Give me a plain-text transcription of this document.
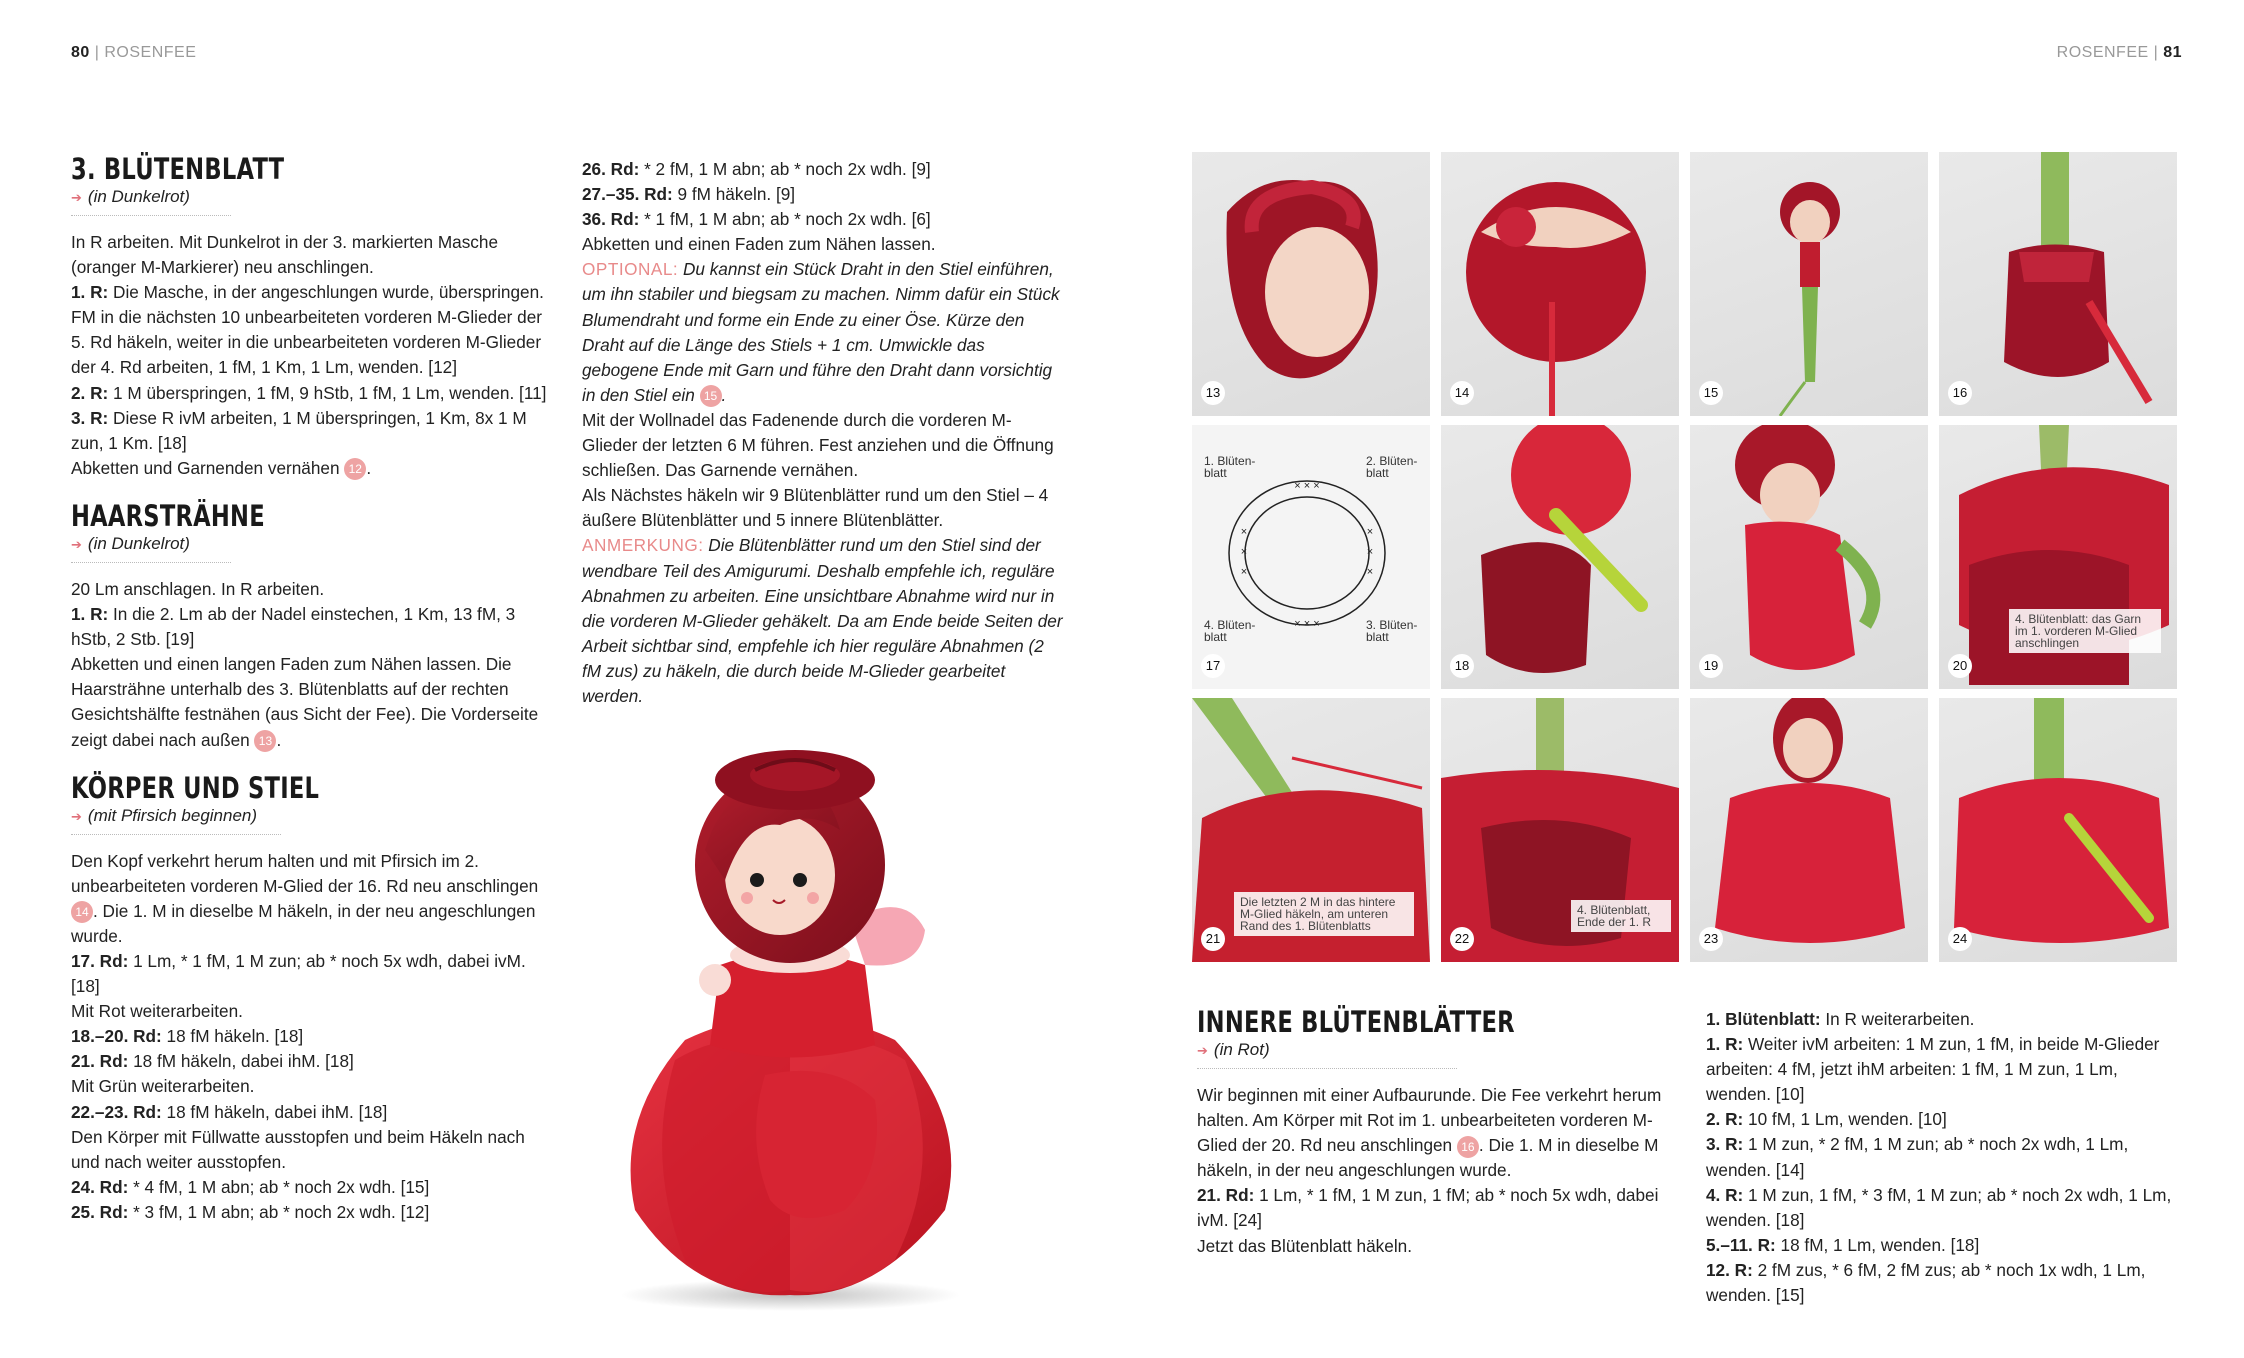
80 | ROSENFEE	ROSENFEE | 81
3. BLÜTENBLATT
➔ (in Dunkelrot)

In R arbeiten. Mit Dunkelrot in der 3. markierten Masche (oranger M-Markierer) neu anschlingen.

1. R: Die Masche, in der angeschlungen wurde, überspringen. FM in die nächsten 10 unbearbeiteten vorderen M-Glieder der 5. Rd häkeln, weiter in die unbearbeiteten vorderen M-Glieder der 4. Rd arbeiten, 1 fM, 1 Km, 1 Lm, wenden. [12]

2. R: 1 M überspringen, 1 fM, 9 hStb, 1 fM, 1 Lm, wenden. [11]

3. R: Diese R ivM arbeiten, 1 M überspringen, 1 Km, 8x 1 M zun, 1 Km. [18]

Abketten und Garnenden vernähen 12 .

HAARSTRÄHNE
➔ (in Dunkelrot)

20 Lm anschlagen. In R arbeiten.

1. R: In die 2. Lm ab der Nadel einstechen, 1 Km, 13 fM, 3 hStb, 2 Stb. [19]

Abketten und einen langen Faden zum Nähen lassen. Die Haarsträhne unterhalb des 3. Blütenblatts auf der rechten Gesichtshälfte festnähen (aus Sicht der Fee). Die Vorderseite zeigt dabei nach außen 13 .

KÖRPER UND STIEL
➔ (mit Pfirsich beginnen)

Den Kopf verkehrt herum halten und mit Pfirsich im 2. unbearbeiteten vorderen M-Glied der 16. Rd neu anschlingen 14 . Die 1. M in dieselbe M häkeln, in der neu angeschlungen wurde.

17. Rd: 1 Lm, * 1 fM, 1 M zun; ab * noch 5x wdh, dabei ivM. [18]

Mit Rot weiterarbeiten.

18.–20. Rd: 18 fM häkeln. [18]

21. Rd: 18 fM häkeln, dabei ihM. [18]

Mit Grün weiterarbeiten.

22.–23. Rd: 18 fM häkeln, dabei ihM. [18]

Den Körper mit Füllwatte ausstopfen und beim Häkeln nach und nach weiter ausstopfen.

24. Rd: * 4 fM, 1 M abn; ab * noch 2x wdh. [15]

25. Rd: * 3 fM, 1 M abn; ab * noch 2x wdh. [12]

26. Rd: * 2 fM, 1 M abn; ab * noch 2x wdh. [9]

27.–35. Rd: 9 fM häkeln. [9]

36. Rd: * 1 fM, 1 M abn; ab * noch 2x wdh. [6]

Abketten und einen Faden zum Nähen lassen.

OPTIONAL: Du kannst ein Stück Draht in den Stiel einführen, um ihn stabiler und biegsam zu machen. Nimm dafür ein Stück Blumendraht und forme ein Ende zu einer Öse. Kürze den Draht auf die Länge des Stiels + 1 cm. Umwickle das gebogene Ende mit Garn und führe den Draht dann vorsichtig in den Stiel ein 15 .

Mit der Wollnadel das Fadenende durch die vorderen M-Glieder der letzten 6 M führen. Fest anziehen und die Öffnung schließen. Das Garnende vernähen.

Als Nächstes häkeln wir 9 Blütenblätter rund um den Stiel – 4 äußere Blütenblätter und 5 innere Blütenblätter.

ANMERKUNG: Die Blütenblätter rund um den Stiel sind der wendbare Teil des Amigurumi. Deshalb empfehle ich, reguläre Abnahmen zu arbeiten. Eine unsichtbare Abnahme wird nur in die vorderen M-Glieder gehäkelt. Da am Ende beide Seiten der Arbeit sichtbar sind, empfehle ich hier reguläre Abnahmen (2 fM zus) zu häkeln, die durch beide M-Glieder gearbeitet werden.

13	14	15	16
× × ×
× × ×
×
×
×
×
×
×
1. Blüten-
blatt
2. Blüten-
blatt
4. Blüten-
blatt
3. Blüten-
blatt
17	18	19
4. Blütenblatt: das Garn im 1. vorderen M-Glied anschlingen
20
Die letzten 2 M in das hintere M-Glied häkeln, am unteren Rand des 1. Blütenblatts
21
4. Blütenblatt, Ende der 1. R
22	23	24
INNERE BLÜTENBLÄTTER
➔ (in Rot)

Wir beginnen mit einer Aufbaurunde. Die Fee verkehrt herum halten. Am Körper mit Rot im 1. unbearbeiteten vorderen M-Glied der 20. Rd neu anschlingen 16 . Die 1. M in dieselbe M häkeln, in der neu angeschlungen wurde.

21. Rd: 1 Lm, * 1 fM, 1 M zun, 1 fM; ab * noch 5x wdh, dabei ivM. [24]

Jetzt das Blütenblatt häkeln.

1. Blütenblatt: In R weiterarbeiten.

1. R: Weiter ivM arbeiten: 1 M zun, 1 fM, in beide M-Glieder arbeiten: 4 fM, jetzt ihM arbeiten: 1 fM, 1 M zun, 1 Lm, wenden. [10]

2. R: 10 fM, 1 Lm, wenden. [10]

3. R: 1 M zun, * 2 fM, 1 M zun; ab * noch 2x wdh, 1 Lm, wenden. [14]

4. R: 1 M zun, 1 fM, * 3 fM, 1 M zun; ab * noch 2x wdh, 1 Lm, wenden. [18]

5.–11. R: 18 fM, 1 Lm, wenden. [18]

12. R: 2 fM zus, * 6 fM, 2 fM zus; ab * noch 1x wdh, 1 Lm, wenden. [15]
